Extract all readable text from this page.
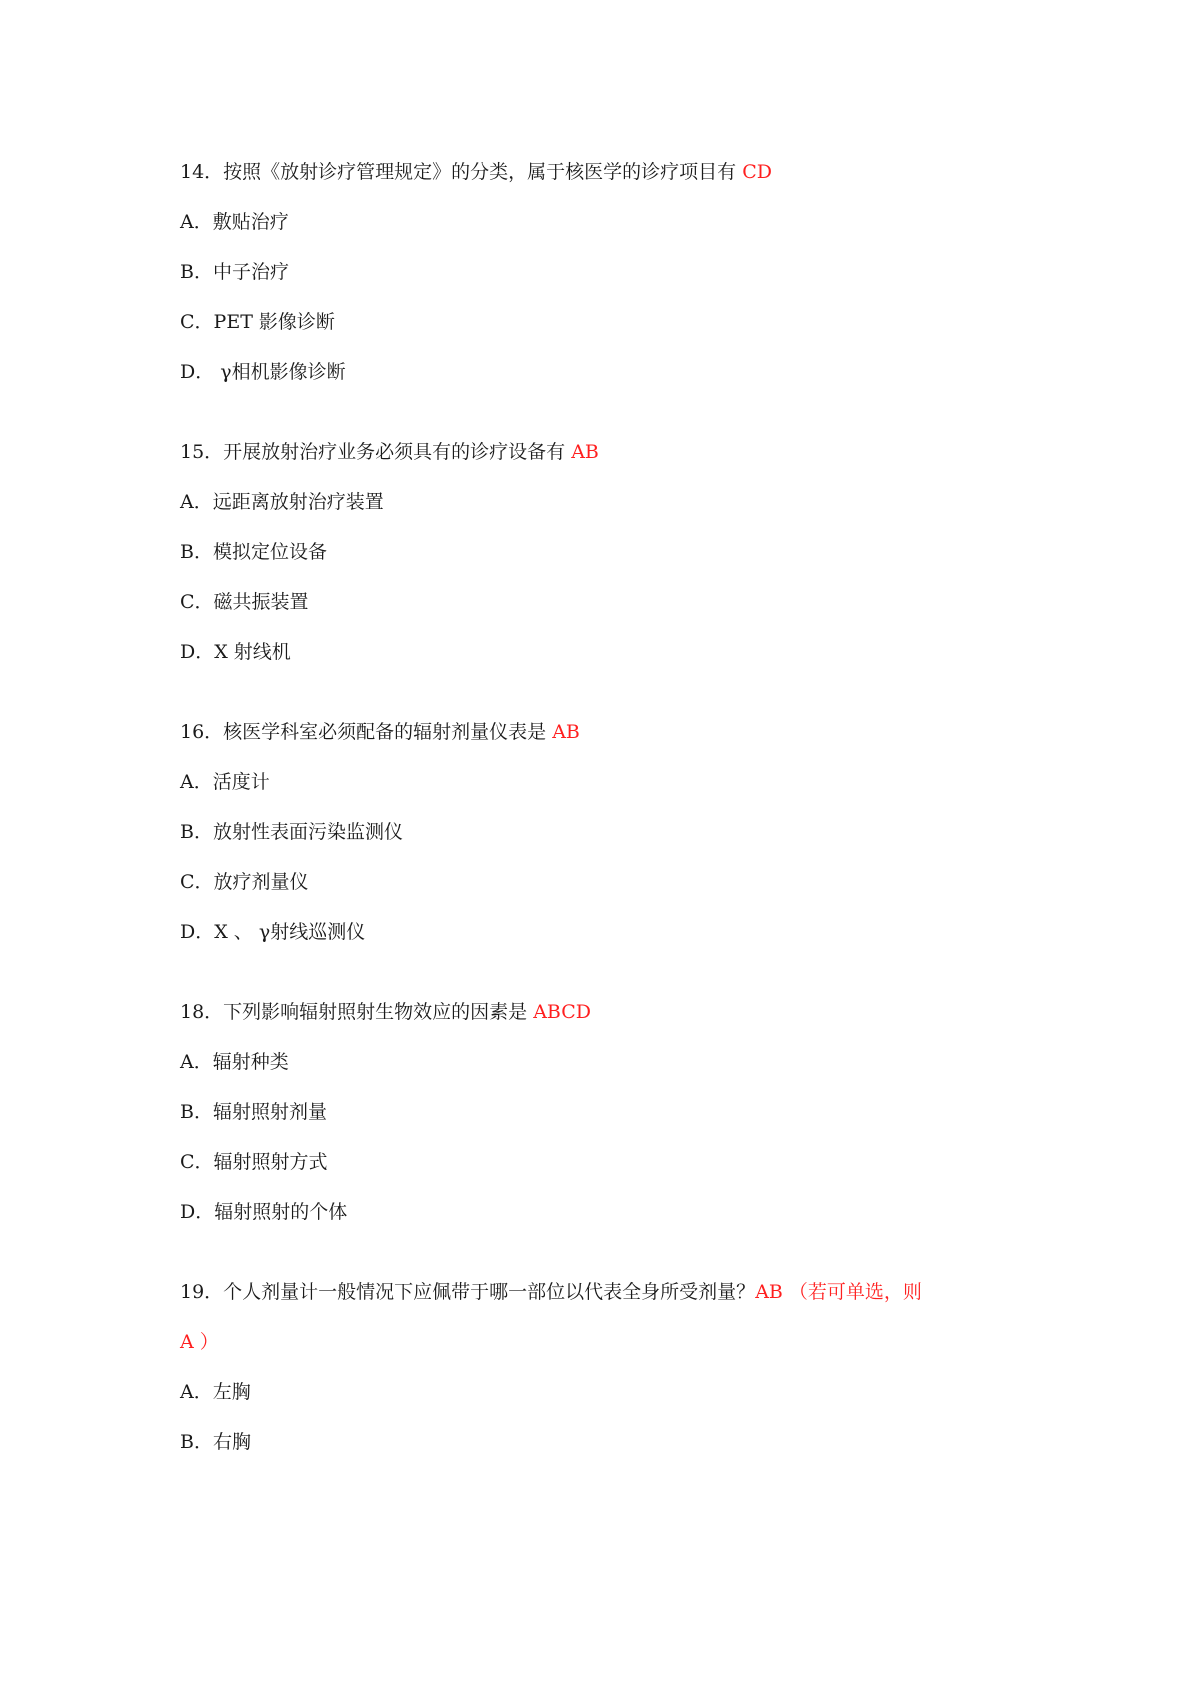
14．按照《放射诊疗管理规定》的分类，属于核医学的诊疗项目有 CD
A．敷贴治疗
B．中子治疗
C．PET 影像诊断
D． γ相机影像诊断
15．开展放射治疗业务必须具有的诊疗设备有 AB
A．远距离放射治疗装置
B．模拟定位设备
C．磁共振装置
D．X 射线机
16．核医学科室必须配备的辐射剂量仪表是 AB
A．活度计
B．放射性表面污染监测仪
C．放疗剂量仪
D．X 、 γ射线巡测仪
18．下列影响辐射照射生物效应的因素是 ABCD
A．辐射种类
B．辐射照射剂量
C．辐射照射方式
D．辐射照射的个体
19．个人剂量计一般情况下应佩带于哪一部位以代表全身所受剂量？AB （若可单选，则
A ）
A．左胸
B．右胸
